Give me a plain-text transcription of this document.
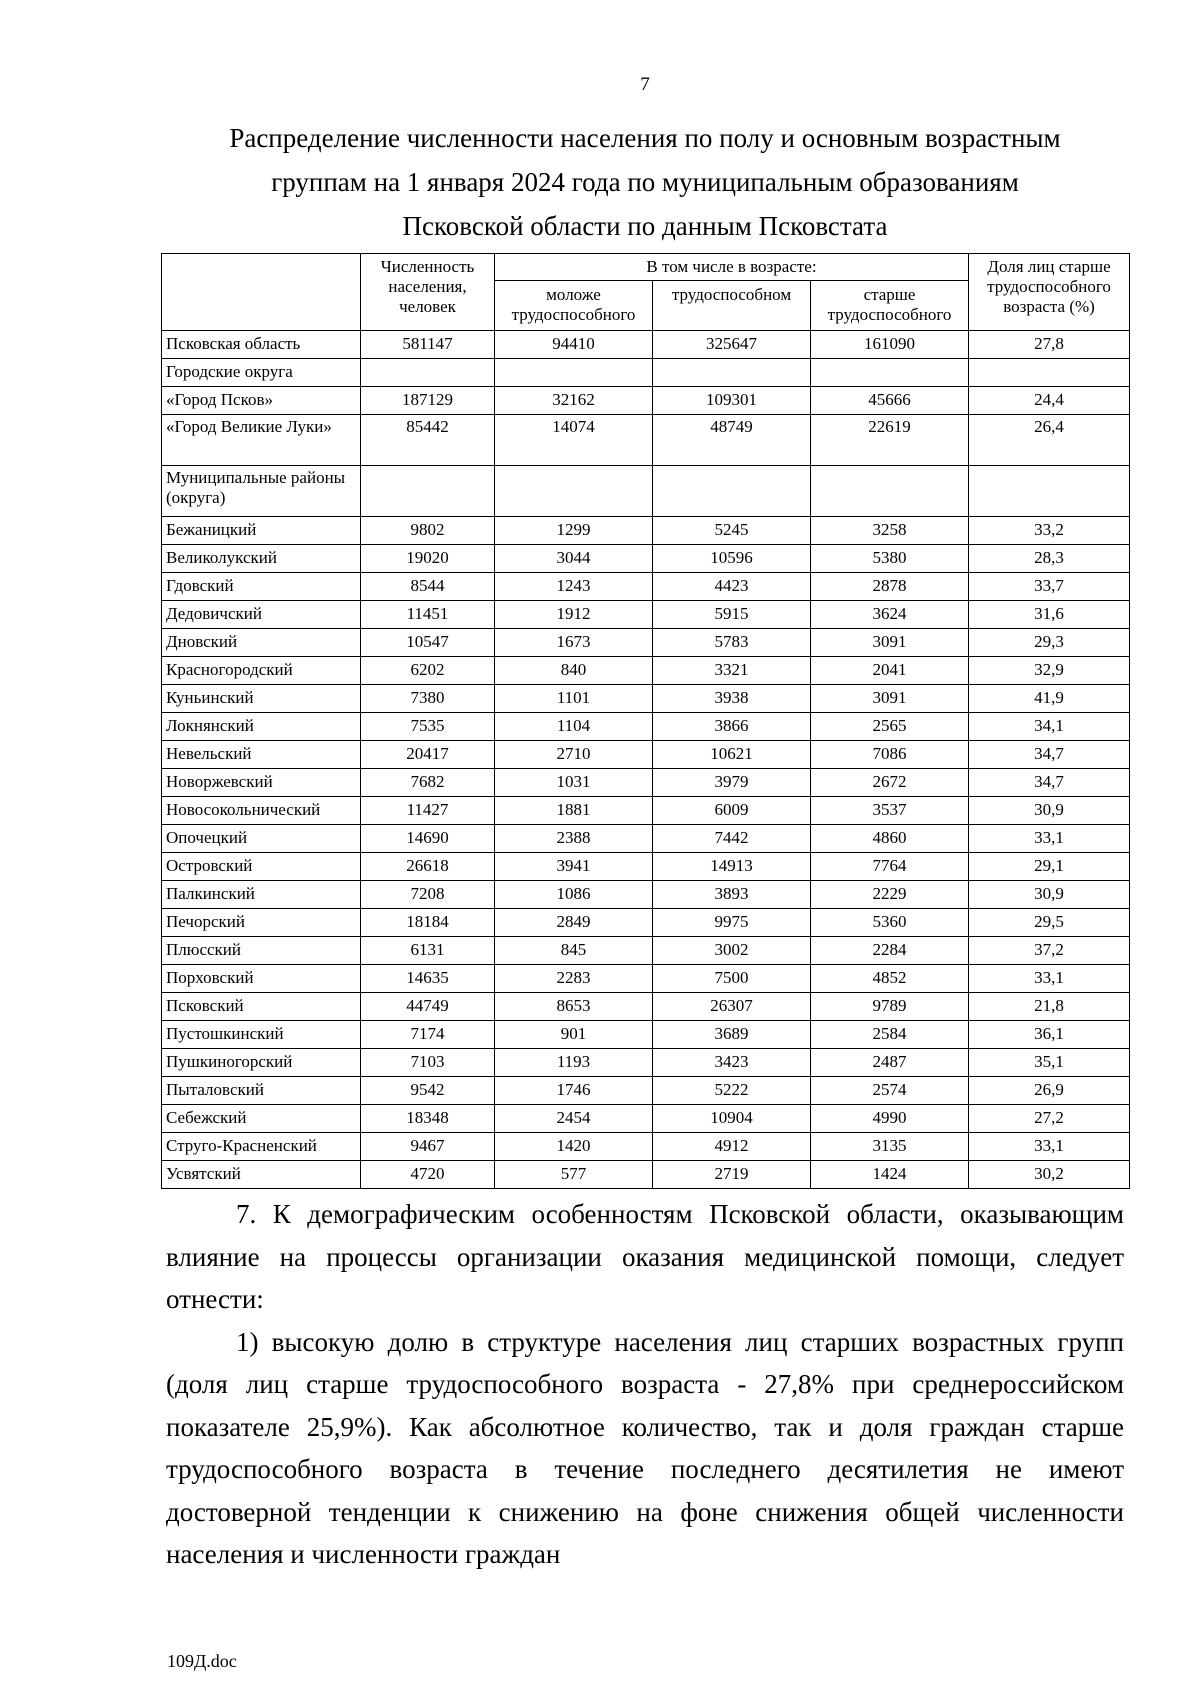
7
Распределение численности населения по полу и основным возрастным
группам на 1 января 2024 года по муниципальным образованиям
Псковской области по данным Псковстата
	Численность населения, человек	В том числе в возрасте:			Доля лиц старше трудоспособного возраста (%)
		моложе трудоспособного	трудоспособном	старше трудоспособного	
Псковская область	581147	94410	325647	161090	27,8
Городские округа					
«Город Псков»	187129	32162	109301	45666	24,4
«Город Великие Луки»	85442	14074	48749	22619	26,4
Муниципальные районы (округа)					
Бежаницкий	9802	1299	5245	3258	33,2
Великолукский	19020	3044	10596	5380	28,3
Гдовский	8544	1243	4423	2878	33,7
Дедовичский	11451	1912	5915	3624	31,6
Дновский	10547	1673	5783	3091	29,3
Красногородский	6202	840	3321	2041	32,9
Куньинский	7380	1101	3938	3091	41,9
Локнянский	7535	1104	3866	2565	34,1
Невельский	20417	2710	10621	7086	34,7
Новоржевский	7682	1031	3979	2672	34,7
Новосокольнический	11427	1881	6009	3537	30,9
Опочецкий	14690	2388	7442	4860	33,1
Островский	26618	3941	14913	7764	29,1
Палкинский	7208	1086	3893	2229	30,9
Печорский	18184	2849	9975	5360	29,5
Плюсский	6131	845	3002	2284	37,2
Порховский	14635	2283	7500	4852	33,1
Псковский	44749	8653	26307	9789	21,8
Пустошкинский	7174	901	3689	2584	36,1
Пушкиногорский	7103	1193	3423	2487	35,1
Пыталовский	9542	1746	5222	2574	26,9
Себежский	18348	2454	10904	4990	27,2
Струго-Красненский	9467	1420	4912	3135	33,1
Усвятский	4720	577	2719	1424	30,2

7. К демографическим особенностям Псковской области, оказывающим влияние на процессы организации оказания медицинской помощи, следует отнести:

1) высокую долю в структуре населения лиц старших возрастных групп (доля лиц старше трудоспособного возраста - 27,8% при среднероссийском показателе 25,9%). Как абсолютное количество, так и доля граждан старше трудоспособного возраста в течение последнего десятилетия не имеют достоверной тенденции к снижению на фоне снижения общей численности населения и численности граждан

109Д.doc
